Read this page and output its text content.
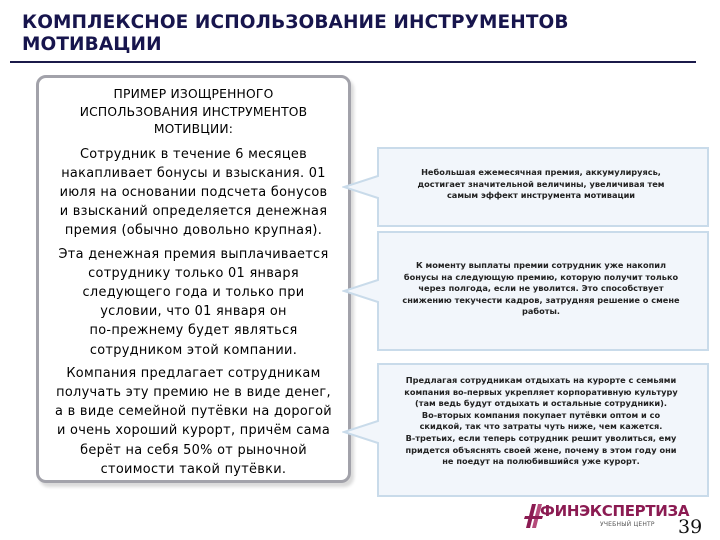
КОМПЛЕКСНОЕ ИСПОЛЬЗОВАНИЕ ИНСТРУМЕНТОВ
МОТИВАЦИИ
ПРИМЕР ИЗОЩРЕННОГО
ИСПОЛЬЗОВАНИЯ ИНСТРУМЕНТОВ
МОТИВЦИИ:
Сотрудник в течение 6 месяцев
накапливает бонусы и взыскания. 01
июля на основании подсчета бонусов
и взысканий определяется денежная
премия (обычно довольно крупная).
Эта денежная премия выплачивается
сотруднику только 01 января
следующего года и только при
условии, что 01 января он
по-прежнему будет являться
сотрудником этой компании.
Компания предлагает сотрудникам
получать эту премию не в виде денег,
а в виде семейной путёвки на дорогой
и очень хороший курорт, причём сама
берёт на себя 50% от рыночной
стоимости такой путёвки.
Небольшая ежемесячная премия, аккумулируясь,
достигает значительной величины, увеличивая тем
самым эффект инструмента мотивации
К моменту выплаты премии сотрудник уже накопил
бонусы на следующую премию, которую получит только
через полгода, если не уволится. Это способствует
снижению текучести кадров, затрудняя решение о смене
работы.
Предлагая сотрудникам отдыхать на курорте с семьями
компания во-первых укрепляет корпоративную культуру
(там ведь будут отдыхать и остальные сотрудники).
Во-вторых компания покупает путёвки оптом и со
скидкой, так что затраты чуть ниже, чем кажется.
В-третьих, если теперь сотрудник решит уволиться, ему
придется объяснять своей жене, почему в этом году они
не поедут на полюбившийся уже курорт.
ФИНЭКСПЕРТИЗА
УЧЕБНЫЙ ЦЕНТР 39
